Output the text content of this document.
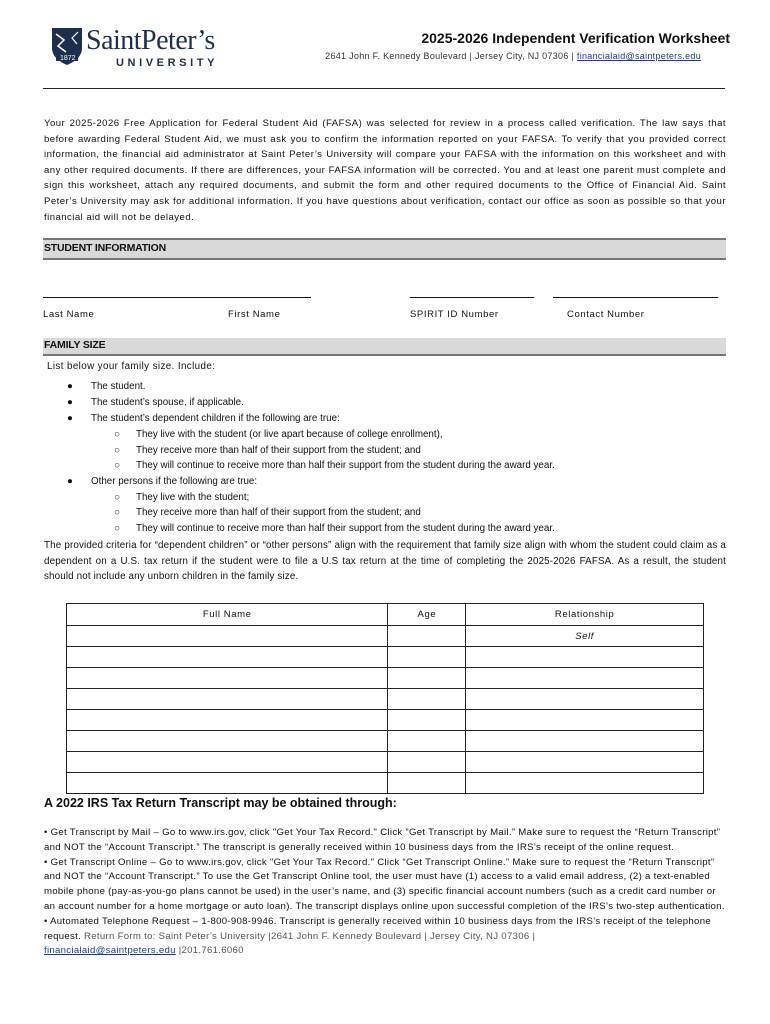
1872
SaintPeter’s
UNIVERSITY
2025-2026 Independent Verification Worksheet
2641 John F. Kennedy Boulevard | Jersey City, NJ 07306 | financialaid@saintpeters.edu
Your 2025-2026 Free Application for Federal Student Aid (FAFSA) was selected for review in a process called verification. The law says that before awarding Federal Student Aid, we must ask you to confirm the information reported on your FAFSA. To verify that you provided correct information, the financial aid administrator at Saint Peter’s University will compare your FAFSA with the information on this worksheet and with any other required documents. If there are differences, your FAFSA information will be corrected. You and at least one parent must complete and sign this worksheet, attach any required documents, and submit the form and other required documents to the Office of Financial Aid. Saint Peter’s University may ask for additional information. If you have questions about verification, contact our office as soon as possible so that your financial aid will not be delayed.
STUDENT INFORMATION
Last Name	First Name	SPIRIT ID Number	Contact Number
FAMILY SIZE
List below your family size. Include:
● The student.
● The student’s spouse, if applicable.
● The student’s dependent children if the following are true:
○ They live with the student (or live apart because of college enrollment),
○ They receive more than half of their support from the student; and
○ They will continue to receive more than half their support from the student during the award year.
● Other persons if the following are true:
○ They live with the student;
○ They receive more than half of their support from the student; and
○ They will continue to receive more than half their support from the student during the award year.
The provided criteria for “dependent children” or “other persons” align with the requirement that family size align with whom the student could claim as a dependent on a U.S. tax return if the student were to file a U.S tax return at the time of completing the 2025-2026 FAFSA. As a result, the student should not include any unborn children in the family size.
Full Name	Age	Relationship
		Self

A 2022 IRS Tax Return Transcript may be obtained through:
• Get Transcript by Mail – Go to www.irs.gov, click "Get Your Tax Record." Click “Get Transcript by Mail.” Make sure to request the “Return Transcript” and NOT the “Account Transcript.” The transcript is generally received within 10 business days from the IRS’s receipt of the online request.
• Get Transcript Online – Go to www.irs.gov, click "Get Your Tax Record." Click “Get Transcript Online.” Make sure to request the “Return Transcript” and NOT the “Account Transcript.” To use the Get Transcript Online tool, the user must have (1) access to a valid email address, (2) a text-enabled mobile phone (pay-as-you-go plans cannot be used) in the user’s name, and (3) specific financial account numbers (such as a credit card number or an account number for a home mortgage or auto loan). The transcript displays online upon successful completion of the IRS’s two-step authentication.
• Automated Telephone Request – 1-800-908-9946. Transcript is generally received within 10 business days from the IRS’s receipt of the telephone request. Return Form to: Saint Peter’s University |2641 John F. Kennedy Boulevard | Jersey City, NJ 07306 |
financialaid@saintpeters.edu |201.761.6060
